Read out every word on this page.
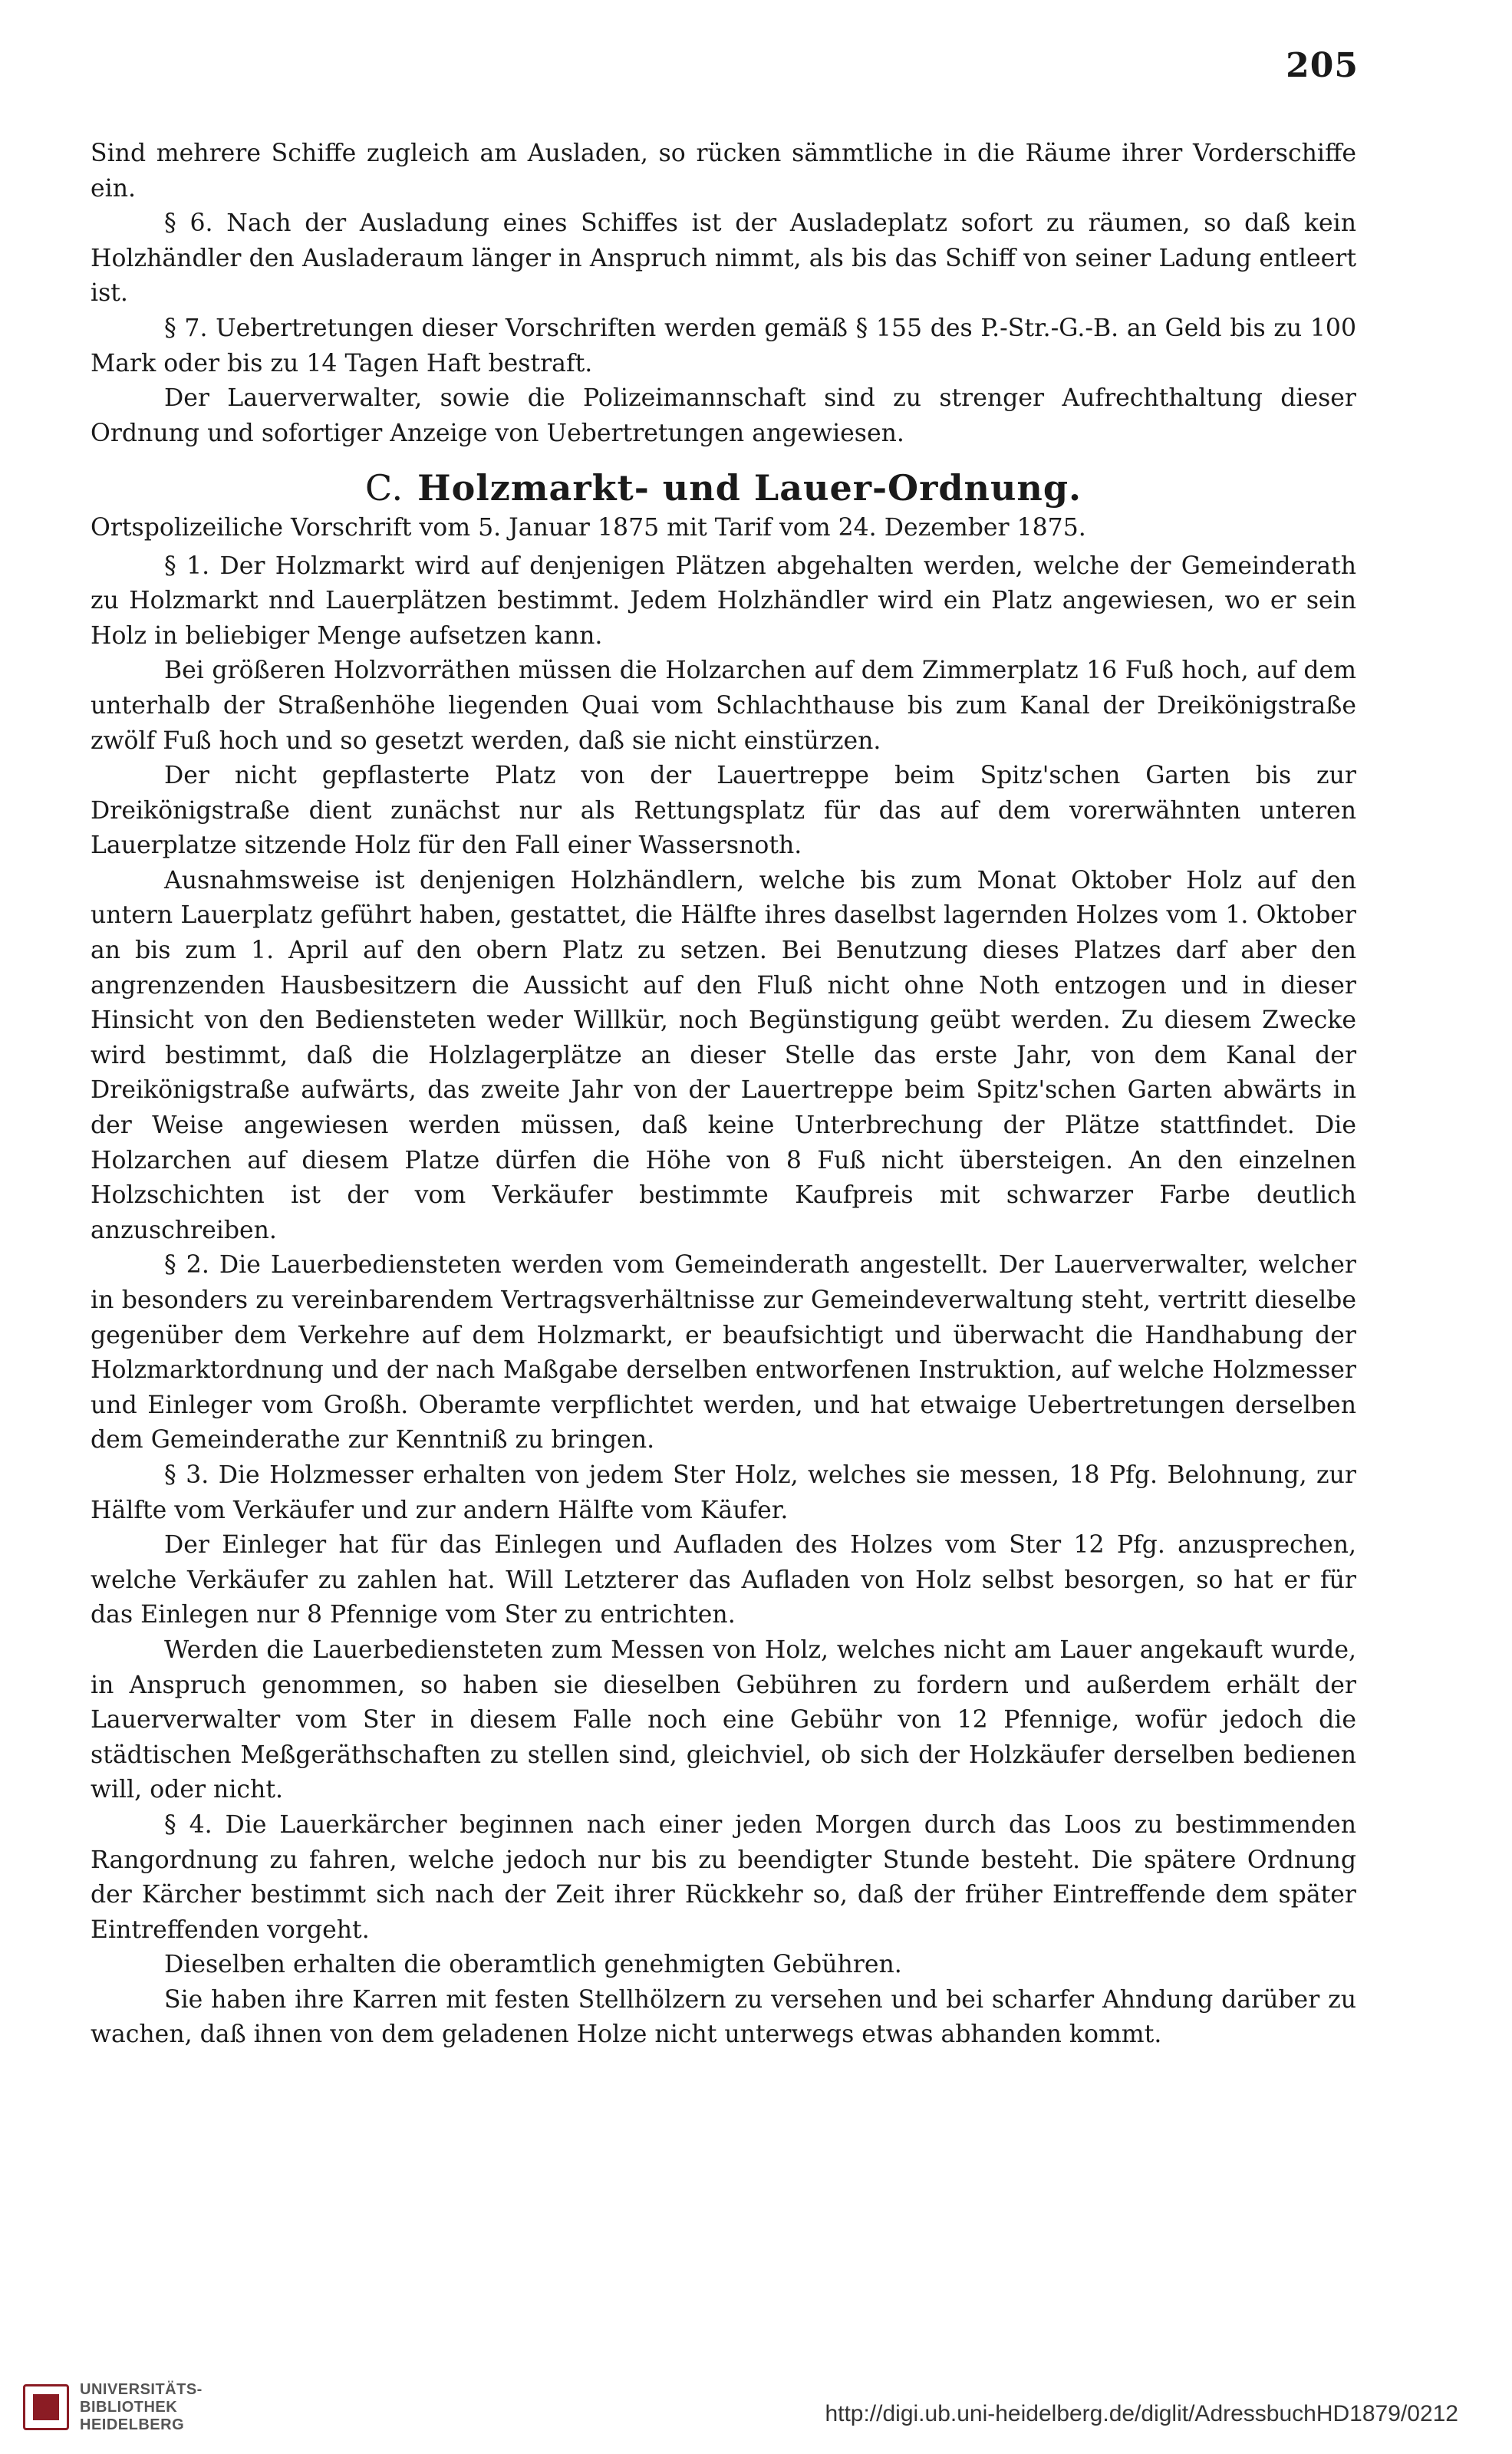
205

Sind mehrere Schiffe zugleich am Ausladen, so rücken sämmtliche in die Räume ihrer Vorderschiffe ein.

§ 6. Nach der Ausladung eines Schiffes ist der Ausladeplatz sofort zu räumen, so daß kein Holzhändler den Ausladeraum länger in Anspruch nimmt, als bis das Schiff von seiner Ladung entleert ist.

§ 7. Uebertretungen dieser Vorschriften werden gemäß § 155 des P.-Str.-G.-B. an Geld bis zu 100 Mark oder bis zu 14 Tagen Haft bestraft.

Der Lauerverwalter, sowie die Polizeimannschaft sind zu strenger Aufrechthaltung dieser Ordnung und sofortiger Anzeige von Uebertretungen angewiesen.

C. Holzmarkt- und Lauer-Ordnung.

Ortspolizeiliche Vorschrift vom 5. Januar 1875 mit Tarif vom 24. Dezember 1875.

§ 1. Der Holzmarkt wird auf denjenigen Plätzen abgehalten werden, welche der Gemeinderath zu Holzmarkt nnd Lauerplätzen bestimmt. Jedem Holzhändler wird ein Platz angewiesen, wo er sein Holz in beliebiger Menge aufsetzen kann.

Bei größeren Holzvorräthen müssen die Holzarchen auf dem Zimmerplatz 16 Fuß hoch, auf dem unterhalb der Straßenhöhe liegenden Quai vom Schlachthause bis zum Kanal der Dreikönigstraße zwölf Fuß hoch und so gesetzt werden, daß sie nicht einstürzen.

Der nicht gepflasterte Platz von der Lauertreppe beim Spitz'schen Garten bis zur Dreikönigstraße dient zunächst nur als Rettungsplatz für das auf dem vorerwähnten unteren Lauerplatze sitzende Holz für den Fall einer Wassersnoth.

Ausnahmsweise ist denjenigen Holzhändlern, welche bis zum Monat Oktober Holz auf den untern Lauerplatz geführt haben, gestattet, die Hälfte ihres daselbst lagernden Holzes vom 1. Oktober an bis zum 1. April auf den obern Platz zu setzen. Bei Benutzung dieses Platzes darf aber den angrenzenden Hausbesitzern die Aussicht auf den Fluß nicht ohne Noth entzogen und in dieser Hinsicht von den Bediensteten weder Willkür, noch Begünstigung geübt werden. Zu diesem Zwecke wird bestimmt, daß die Holzlagerplätze an dieser Stelle das erste Jahr, von dem Kanal der Dreikönigstraße aufwärts, das zweite Jahr von der Lauertreppe beim Spitz'schen Garten abwärts in der Weise angewiesen werden müssen, daß keine Unterbrechung der Plätze stattfindet. Die Holzarchen auf diesem Platze dürfen die Höhe von 8 Fuß nicht übersteigen. An den einzelnen Holzschichten ist der vom Verkäufer bestimmte Kaufpreis mit schwarzer Farbe deutlich anzuschreiben.

§ 2. Die Lauerbediensteten werden vom Gemeinderath angestellt. Der Lauerverwalter, welcher in besonders zu vereinbarendem Vertragsverhältnisse zur Gemeindeverwaltung steht, vertritt dieselbe gegenüber dem Verkehre auf dem Holzmarkt, er beaufsichtigt und überwacht die Handhabung der Holzmarktordnung und der nach Maßgabe derselben entworfenen Instruktion, auf welche Holzmesser und Einleger vom Großh. Oberamte verpflichtet werden, und hat etwaige Uebertretungen derselben dem Gemeinderathe zur Kenntniß zu bringen.

§ 3. Die Holzmesser erhalten von jedem Ster Holz, welches sie messen, 18 Pfg. Belohnung, zur Hälfte vom Verkäufer und zur andern Hälfte vom Käufer.

Der Einleger hat für das Einlegen und Aufladen des Holzes vom Ster 12 Pfg. anzusprechen, welche Verkäufer zu zahlen hat. Will Letzterer das Aufladen von Holz selbst besorgen, so hat er für das Einlegen nur 8 Pfennige vom Ster zu entrichten.

Werden die Lauerbediensteten zum Messen von Holz, welches nicht am Lauer angekauft wurde, in Anspruch genommen, so haben sie dieselben Gebühren zu fordern und außerdem erhält der Lauerverwalter vom Ster in diesem Falle noch eine Gebühr von 12 Pfennige, wofür jedoch die städtischen Meßgeräthschaften zu stellen sind, gleichviel, ob sich der Holzkäufer derselben bedienen will, oder nicht.

§ 4. Die Lauerkärcher beginnen nach einer jeden Morgen durch das Loos zu bestimmenden Rangordnung zu fahren, welche jedoch nur bis zu beendigter Stunde besteht. Die spätere Ordnung der Kärcher bestimmt sich nach der Zeit ihrer Rückkehr so, daß der früher Eintreffende dem später Eintreffenden vorgeht.

Dieselben erhalten die oberamtlich genehmigten Gebühren.

Sie haben ihre Karren mit festen Stellhölzern zu versehen und bei scharfer Ahndung darüber zu wachen, daß ihnen von dem geladenen Holze nicht unterwegs etwas abhanden kommt.

UNIVERSITÄTS-
BIBLIOTHEK
HEIDELBERG	http://digi.ub.uni-heidelberg.de/diglit/AdressbuchHD1879/0212
